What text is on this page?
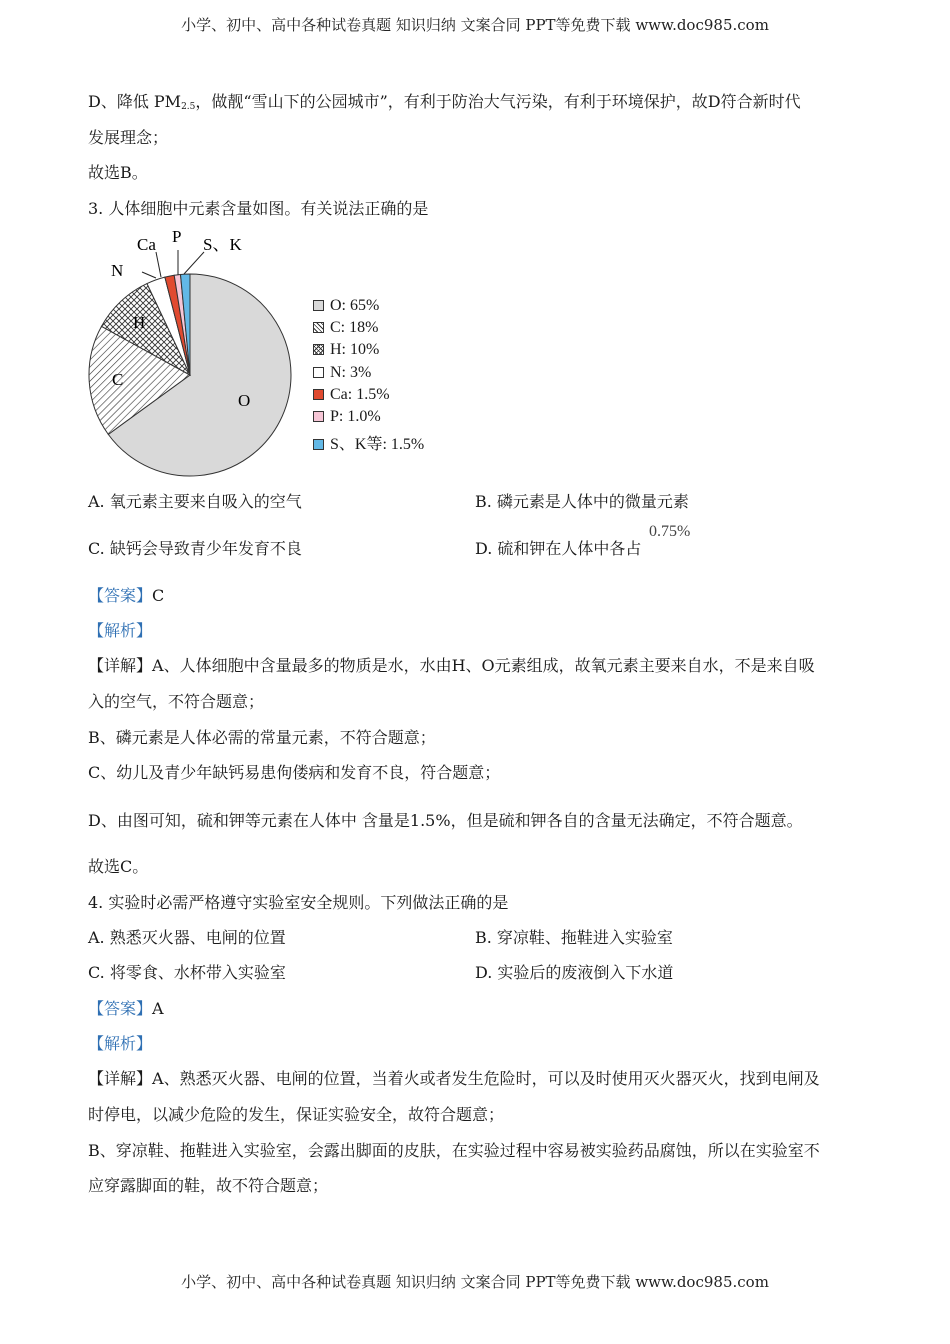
小学、初中、高中各种试卷真题 知识归纳 文案合同 PPT等免费下载 www.doc985.com
D、降低 PM2.5，做靓“雪山下的公园城市”，有利于防治大气污染，有利于环境保护，故D符合新时代
发展理念；
故选B。
3. 人体细胞中元素含量如图。有关说法正确的是
O
C
H
N
Ca P S、K
O: 65%
C: 18%
H: 10%
N: 3%
Ca: 1.5%
P: 1.0%
S、K等: 1.5%
A. 氧元素主要来自吸入的空气	B. 磷元素是人体中的微量元素
C. 缺钙会导致青少年发育不良	D. 硫和钾在人体中各占
0.75%
【答案】C
【解析】
【详解】A、人体细胞中含量最多的物质是水，水由H、O元素组成，故氧元素主要来自水，不是来自吸
入的空气，不符合题意；
B、磷元素是人体必需的常量元素，不符合题意；
C、幼儿及青少年缺钙易患佝偻病和发育不良，符合题意；
D、由图可知，硫和钾等元素在人体中 含量是1.5%，但是硫和钾各自的含量无法确定，不符合题意。
故选C。
4. 实验时必需严格遵守实验室安全规则。下列做法正确的是
A. 熟悉灭火器、电闸的位置	B. 穿凉鞋、拖鞋进入实验室
C. 将零食、水杯带入实验室	D. 实验后的废液倒入下水道
【答案】A
【解析】
【详解】A、熟悉灭火器、电闸的位置，当着火或者发生危险时，可以及时使用灭火器灭火，找到电闸及
时停电，以减少危险的发生，保证实验安全，故符合题意；
B、穿凉鞋、拖鞋进入实验室，会露出脚面的皮肤，在实验过程中容易被实验药品腐蚀，所以在实验室不
应穿露脚面的鞋，故不符合题意；
小学、初中、高中各种试卷真题 知识归纳 文案合同 PPT等免费下载 www.doc985.com
